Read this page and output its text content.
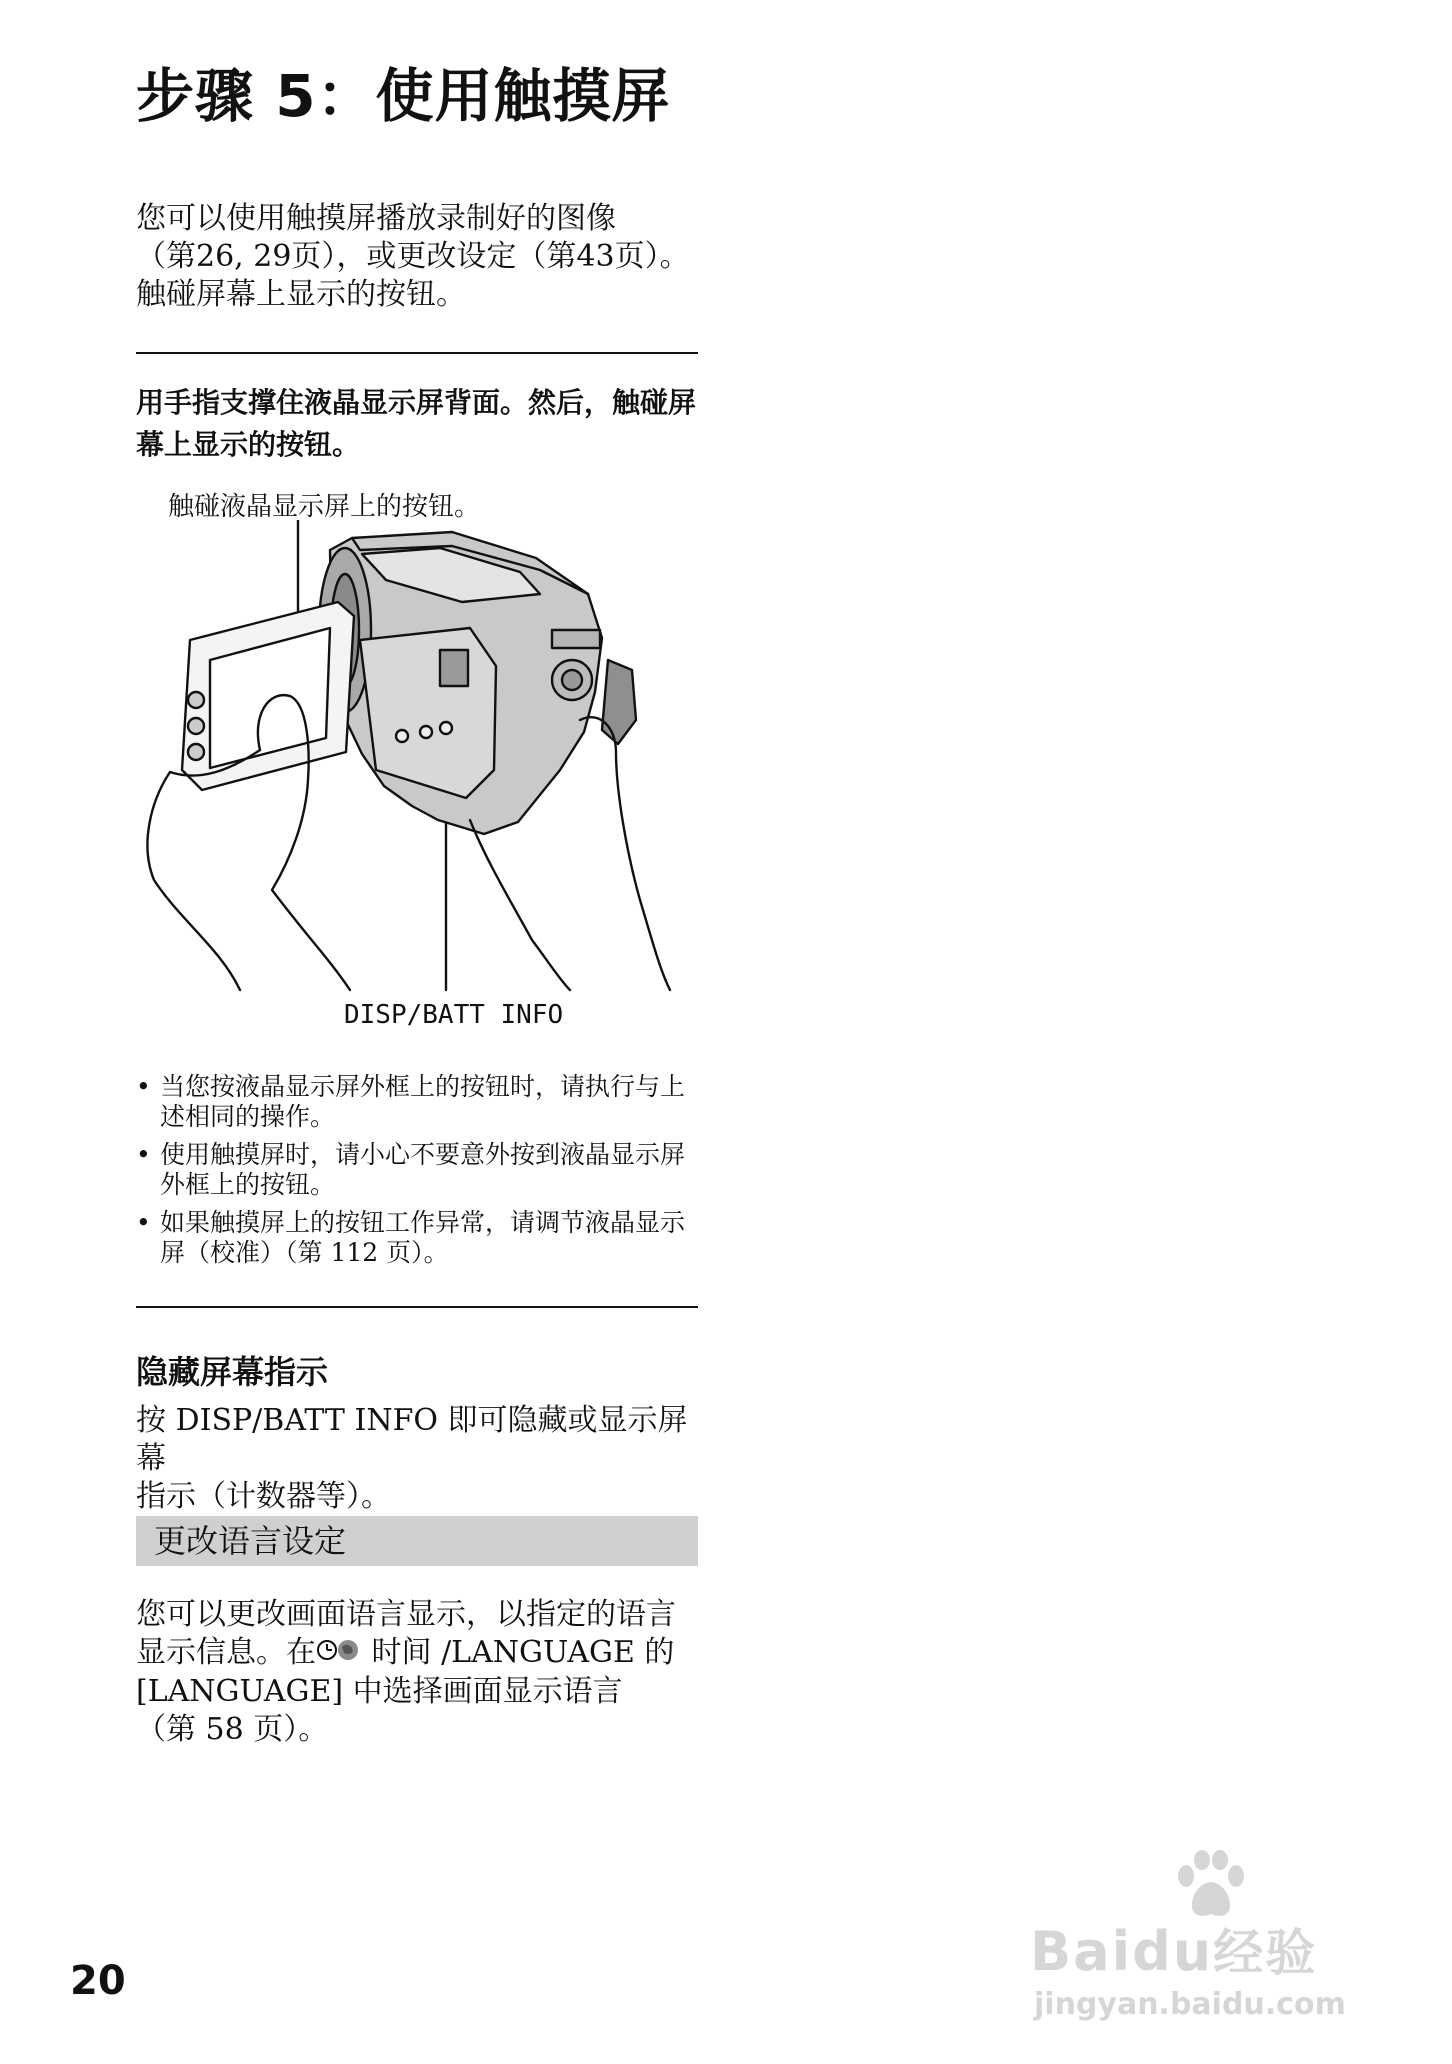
步骤 5：使用触摸屏
您可以使用触摸屏播放录制好的图像
（第26, 29页），或更改设定（第43页）。
触碰屏幕上显示的按钮。
用手指支撑住液晶显示屏背面。然后，触碰屏幕上显示的按钮。
触碰液晶显示屏上的按钮。
DISP/BATT INFO
• 当您按液晶显示屏外框上的按钮时，请执行与上述相同的操作。
• 使用触摸屏时，请小心不要意外按到液晶显示屏外框上的按钮。
• 如果触摸屏上的按钮工作异常，请调节液晶显示屏（校准）（第 112 页）。
隐藏屏幕指示
按 DISP/BATT INFO 即可隐藏或显示屏幕
指示（计数器等）。
更改语言设定
您可以更改画面语言显示，以指定的语言
显示信息。在 时间 /LANGUAGE 的
[LANGUAGE] 中选择画面显示语言
（第 58 页）。
20	Baidu经验
jingyan.baidu.com
